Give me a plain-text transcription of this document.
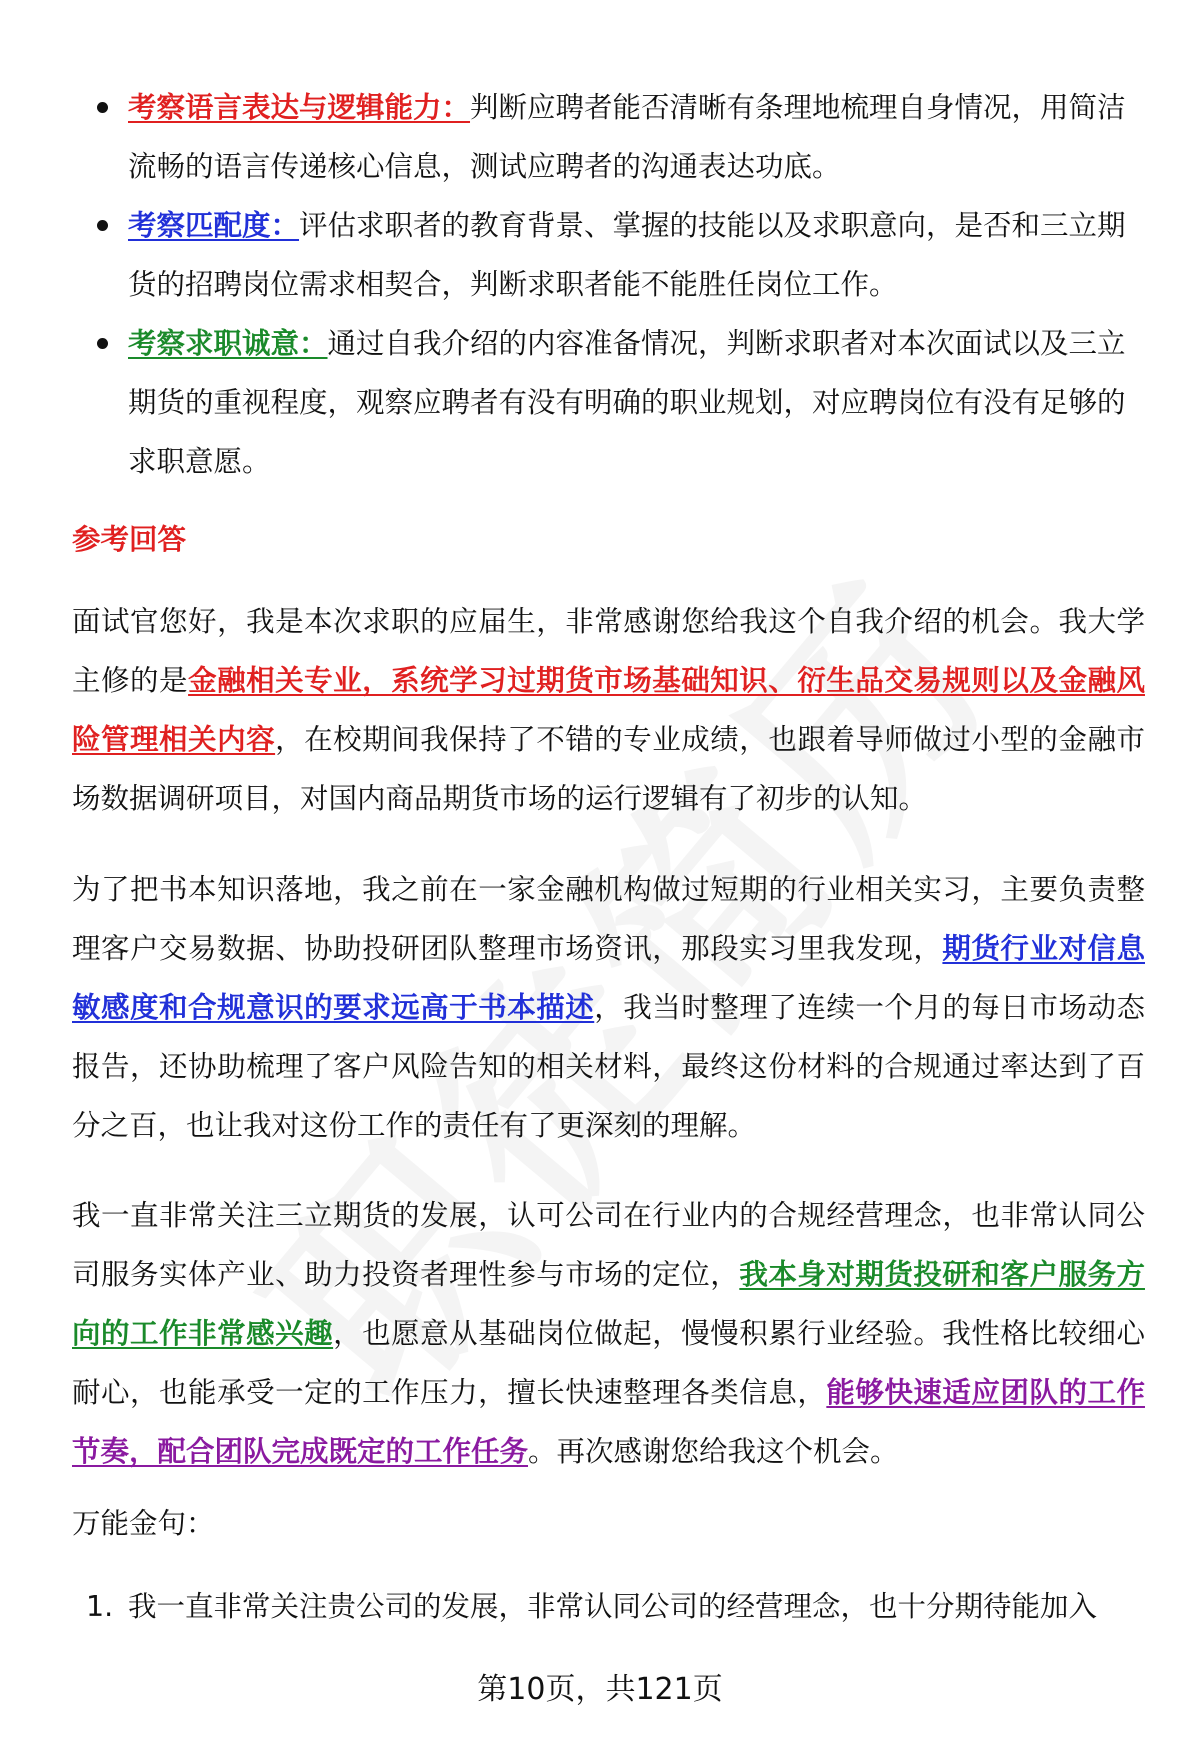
考察语言表达与逻辑能力：判断应聘者能否清晰有条理地梳理自身情况，用简洁流畅的语言传递核心信息，测试应聘者的沟通表达功底。
考察匹配度：评估求职者的教育背景、掌握的技能以及求职意向，是否和三立期货的招聘岗位需求相契合，判断求职者能不能胜任岗位工作。
考察求职诚意：通过自我介绍的内容准备情况，判断求职者对本次面试以及三立期货的重视程度，观察应聘者有没有明确的职业规划，对应聘岗位有没有足够的求职意愿。
参考回答

面试官您好，我是本次求职的应届生，非常感谢您给我这个自我介绍的机会。我大学主修的是金融相关专业，系统学习过期货市场基础知识、衍生品交易规则以及金融风险管理相关内容，在校期间我保持了不错的专业成绩，也跟着导师做过小型的金融市场数据调研项目，对国内商品期货市场的运行逻辑有了初步的认知。

为了把书本知识落地，我之前在一家金融机构做过短期的行业相关实习，主要负责整理客户交易数据、协助投研团队整理市场资讯，那段实习里我发现，期货行业对信息敏感度和合规意识的要求远高于书本描述，我当时整理了连续一个月的每日市场动态报告，还协助梳理了客户风险告知的相关材料，最终这份材料的合规通过率达到了百分之百，也让我对这份工作的责任有了更深刻的理解。

我一直非常关注三立期货的发展，认可公司在行业内的合规经营理念，也非常认同公司服务实体产业、助力投资者理性参与市场的定位，我本身对期货投研和客户服务方向的工作非常感兴趣，也愿意从基础岗位做起，慢慢积累行业经验。我性格比较细心耐心，也能承受一定的工作压力，擅长快速整理各类信息，能够快速适应团队的工作节奏，配合团队完成既定的工作任务。再次感谢您给我这个机会。

万能金句：
1. 我一直非常关注贵公司的发展，非常认同公司的经营理念，也十分期待能加入
第10页，共121页
